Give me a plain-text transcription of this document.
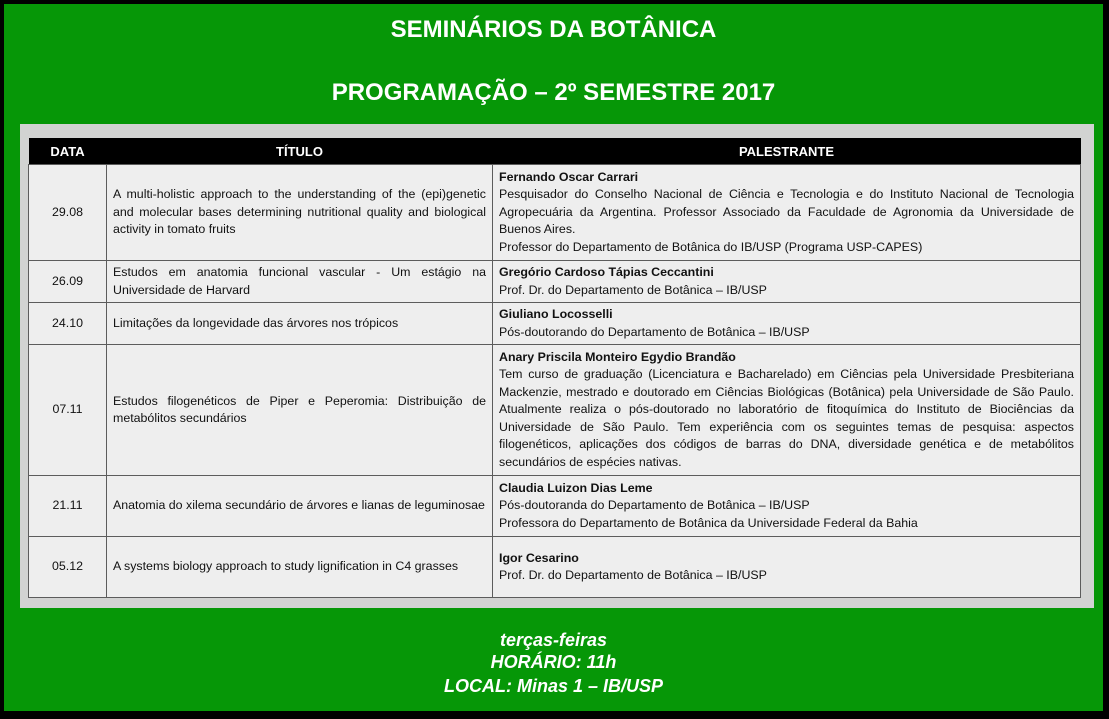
SEMINÁRIOS DA BOTÂNICA
PROGRAMAÇÃO – 2º SEMESTRE 2017
DATA	TÍTULO	PALESTRANTE
29.08	A multi-holistic approach to the understanding of the (epi)genetic and molecular bases determining nutritional quality and biological activity in tomato fruits	Fernando Oscar Carrari
Pesquisador do Conselho Nacional de Ciência e Tecnologia e do Instituto Nacional de Tecnologia Agropecuária da Argentina. Professor Associado da Faculdade de Agronomia da Universidade de Buenos Aires.
Professor do Departamento de Botânica do IB/USP (Programa USP-CAPES)

26.09	Estudos em anatomia funcional vascular - Um estágio na Universidade de Harvard	Gregório Cardoso Tápias Ceccantini
Prof. Dr. do Departamento de Botânica – IB/USP

24.10	Limitações da longevidade das árvores nos trópicos	Giuliano Locosselli
Pós-doutorando do Departamento de Botânica – IB/USP

07.11	Estudos filogenéticos de Piper e Peperomia: Distribuição de metabólitos secundários	Anary Priscila Monteiro Egydio Brandão
Tem curso de graduação (Licenciatura e Bacharelado) em Ciências pela Universidade Presbiteriana Mackenzie, mestrado e doutorado em Ciências Biológicas (Botânica) pela Universidade de São Paulo. Atualmente realiza o pós-doutorado no laboratório de fitoquímica do Instituto de Biociências da Universidade de São Paulo. Tem experiência com os seguintes temas de pesquisa: aspectos filogenéticos, aplicações dos códigos de barras do DNA, diversidade genética e de metabólitos secundários de espécies nativas.

21.11	Anatomia do xilema secundário de árvores e lianas de leguminosae	Claudia Luizon Dias Leme
Pós-doutoranda do Departamento de Botânica – IB/USP
Professora do Departamento de Botânica da Universidade Federal da Bahia

05.12	A systems biology approach to study lignification in C4 grasses	Igor Cesarino
Prof. Dr. do Departamento de Botânica – IB/USP
terças-feiras
HORÁRIO: 11h
LOCAL: Minas 1 – IB/USP
